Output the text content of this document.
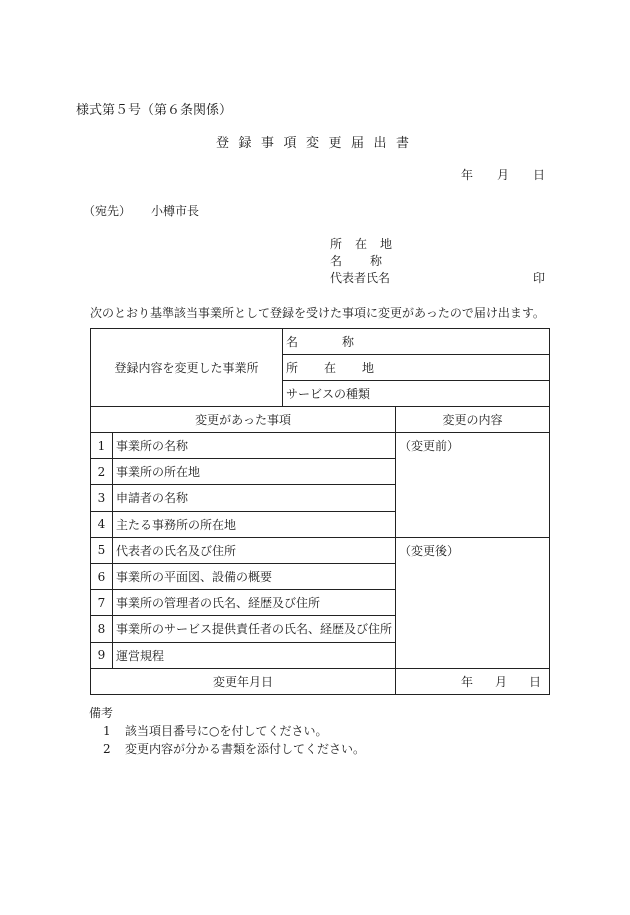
様式第５号（第６条関係）
登録事項変更届出書
年 月 日
（宛先） 小樽市長
所在地
名称
代表者氏名	印
次のとおり基準該当事業所として登録を受けた事項に変更があったので届け出ます。
登録内容を変更した事業所		名称	
		所在地	
		サービスの種類	
変更があった事項			変更の内容
1	事業所の名称		（変更前）
2	事業所の所在地		
3	申請者の名称		
4	主たる事務所の所在地		
5	代表者の氏名及び住所		（変更後）
6	事業所の平面図、設備の概要		
7	事業所の管理者の氏名、経歴及び住所		
8	事業所のサービス提供責任者の氏名、経歴及び住所		
9	運営規程		
変更年月日			年 月 日
備考
1 該当項目番号に○を付してください。
2 変更内容が分かる書類を添付してください。
